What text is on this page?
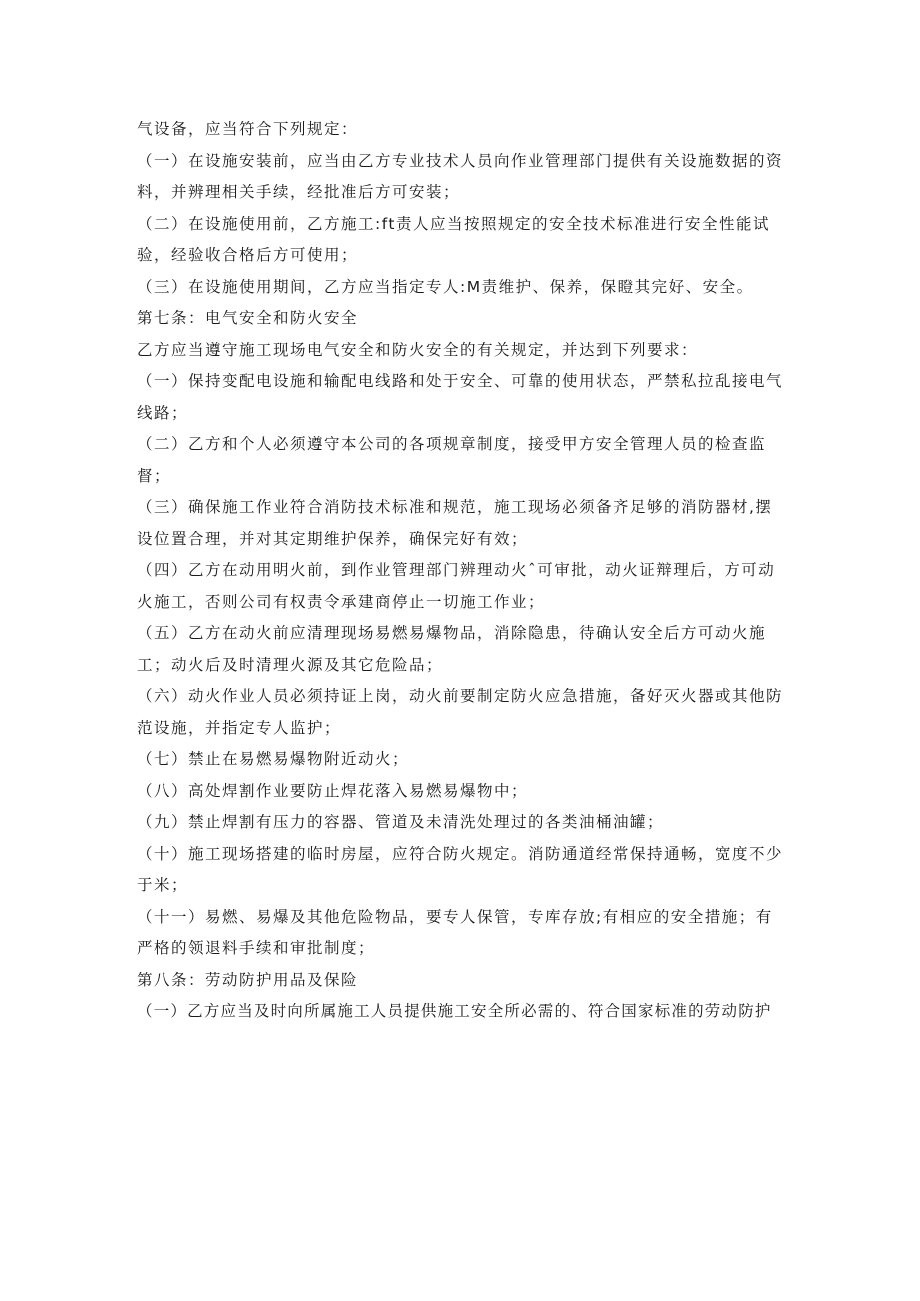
气设备，应当符合下列规定：
（一）在设施安装前，应当由乙方专业技术人员向作业管理部门提供有关设施数据的资
料，并辨理相关手续，经批准后方可安装；
（二）在设施使用前，乙方施工:ft责人应当按照规定的安全技术标准进行安全性能试
验，经验收合格后方可使用；
（三）在设施使用期间，乙方应当指定专人:M责维护、保养，保瞪其完好、安全。
第七条：电气安全和防火安全
乙方应当遵守施工现场电气安全和防火安全的有关规定，并达到下列要求：
（一）保持变配电设施和输配电线路和处于安全、可靠的使用状态，严禁私拉乱接电气
线路；
（二）乙方和个人必须遵守本公司的各项规章制度，接受甲方安全管理人员的检查监
督；
（三）确保施工作业符合消防技术标准和规范，施工现场必须备齐足够的消防器材,摆
设位置合理，并对其定期维护保养，确保完好有效；
（四）乙方在动用明火前，到作业管理部门辨理动火ˆ可审批，动火证辩理后，方可动
火施工，否则公司有权责令承建商停止一切施工作业；
（五）乙方在动火前应清理现场易燃易爆物品，消除隐患，待确认安全后方可动火施
工；动火后及时清理火源及其它危险品；
（六）动火作业人员必须持证上岗，动火前要制定防火应急措施，备好灭火器或其他防
范设施，并指定专人监护；
（七）禁止在易燃易爆物附近动火；
（八）高处焊割作业要防止焊花落入易燃易爆物中；
（九）禁止焊割有压力的容器、管道及未清洗处理过的各类油桶油罐；
（十）施工现场搭建的临时房屋，应符合防火规定。消防通道经常保持通畅，宽度不少
于米；
（十一）易燃、易爆及其他危险物品，要专人保管，专库存放;有相应的安全措施；有
严格的领退料手续和审批制度；
第八条：劳动防护用品及保险
（一）乙方应当及时向所属施工人员提供施工安全所必需的、符合国家标准的劳动防护
